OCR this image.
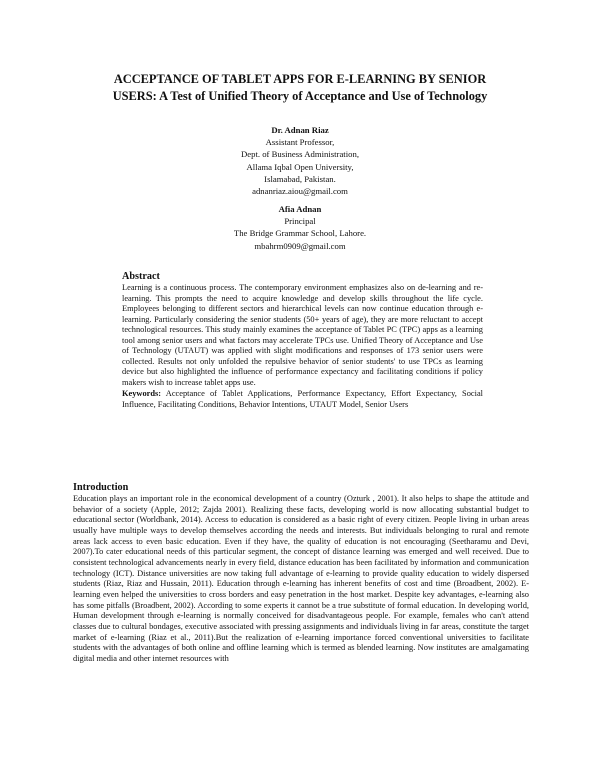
ACCEPTANCE OF TABLET APPS FOR E-LEARNING BY SENIOR
USERS: A Test of Unified Theory of Acceptance and Use of Technology
Dr. Adnan Riaz
Assistant Professor,
Dept. of Business Administration,
Allama Iqbal Open University,
Islamabad, Pakistan.
adnanriaz.aiou@gmail.com
Afia Adnan
Principal
The Bridge Grammar School, Lahore.
mbahrm0909@gmail.com
Abstract
Learning is a continuous process. The contemporary environment emphasizes also on de-learning and re-learning. This prompts the need to acquire knowledge and develop skills throughout the life cycle. Employees belonging to different sectors and hierarchical levels can now continue education through e-learning. Particularly considering the senior students (50+ years of age), they are more reluctant to accept technological resources. This study mainly examines the acceptance of Tablet PC (TPC) apps as a learning tool among senior users and what factors may accelerate TPCs use. Unified Theory of Acceptance and Use of Technology (UTAUT) was applied with slight modifications and responses of 173 senior users were collected. Results not only unfolded the repulsive behavior of senior students' to use TPCs as learning device but also highlighted the influence of performance expectancy and facilitating conditions if policy makers wish to increase tablet apps use.
Keywords: Acceptance of Tablet Applications, Performance Expectancy, Effort Expectancy, Social Influence, Facilitating Conditions, Behavior Intentions, UTAUT Model, Senior Users
Introduction
Education plays an important role in the economical development of a country (Ozturk , 2001). It also helps to shape the attitude and behavior of a society (Apple, 2012; Zajda 2001). Realizing these facts, developing world is now allocating substantial budget to educational sector (Worldbank, 2014). Access to education is considered as a basic right of every citizen. People living in urban areas usually have multiple ways to develop themselves according the needs and interests. But individuals belonging to rural and remote areas lack access to even basic education. Even if they have, the quality of education is not encouraging (Seetharamu and Devi, 2007).To cater educational needs of this particular segment, the concept of distance learning was emerged and well received. Due to consistent technological advancements nearly in every field, distance education has been facilitated by information and communication technology (ICT). Distance universities are now taking full advantage of e-learning to provide quality education to widely dispersed students (Riaz, Riaz and Hussain, 2011). Education through e-learning has inherent benefits of cost and time (Broadbent, 2002). E-learning even helped the universities to cross borders and easy penetration in the host market. Despite key advantages, e-learning also has some pitfalls (Broadbent, 2002). According to some experts it cannot be a true substitute of formal education. In developing world, Human development through e-learning is normally conceived for disadvantageous people. For example, females who can't attend classes due to cultural bondages, executive associated with pressing assignments and individuals living in far areas, constitute the target market of e-learning (Riaz et al., 2011).But the realization of e-learning importance forced conventional universities to facilitate students with the advantages of both online and offline learning which is termed as blended learning. Now institutes are amalgamating digital media and other internet resources with
